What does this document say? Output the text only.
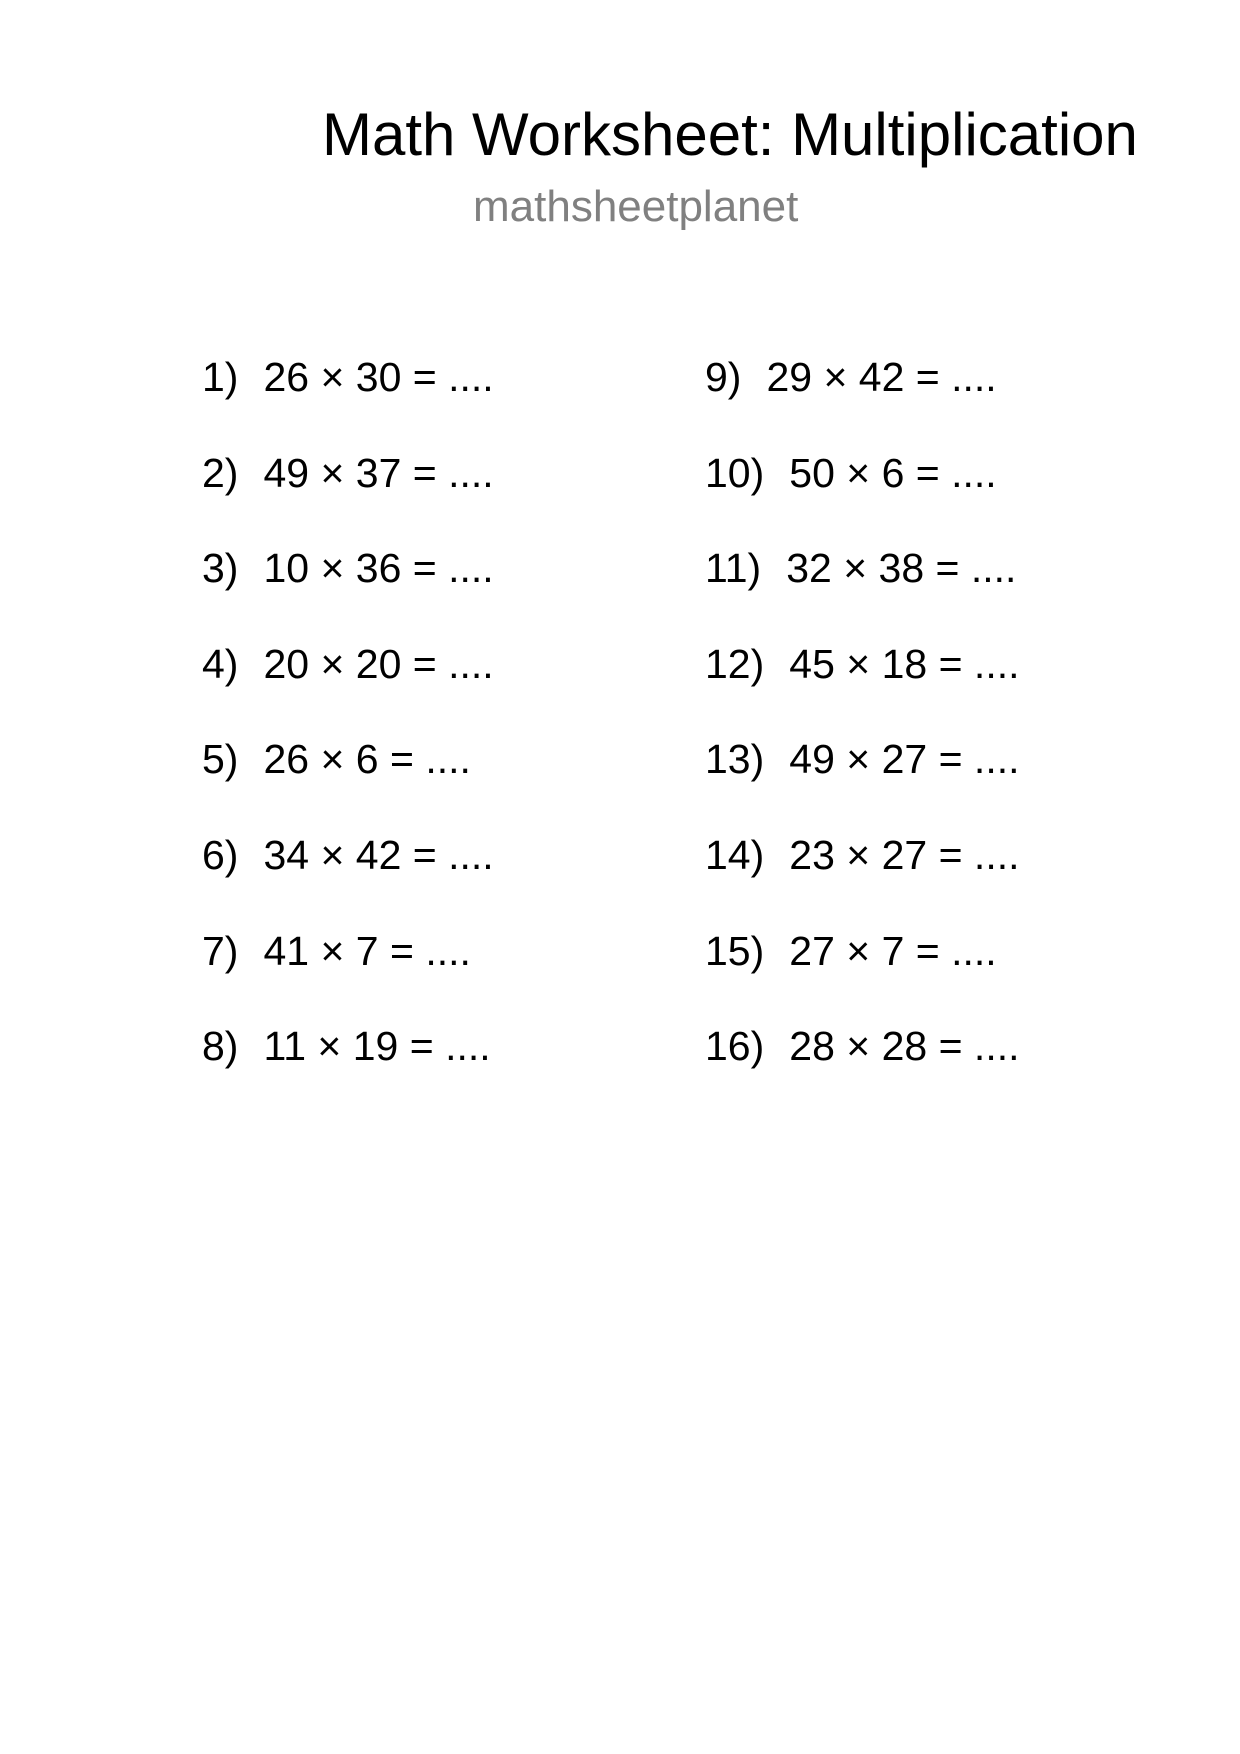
Math Worksheet: Multiplication
mathsheetplanet
1) 26 × 30 = ....
2) 49 × 37 = ....
3) 10 × 36 = ....
4) 20 × 20 = ....
5) 26 × 6 = ....
6) 34 × 42 = ....
7) 41 × 7 = ....
8) 11 × 19 = ....
9) 29 × 42 = ....
10) 50 × 6 = ....
11) 32 × 38 = ....
12) 45 × 18 = ....
13) 49 × 27 = ....
14) 23 × 27 = ....
15) 27 × 7 = ....
16) 28 × 28 = ....
